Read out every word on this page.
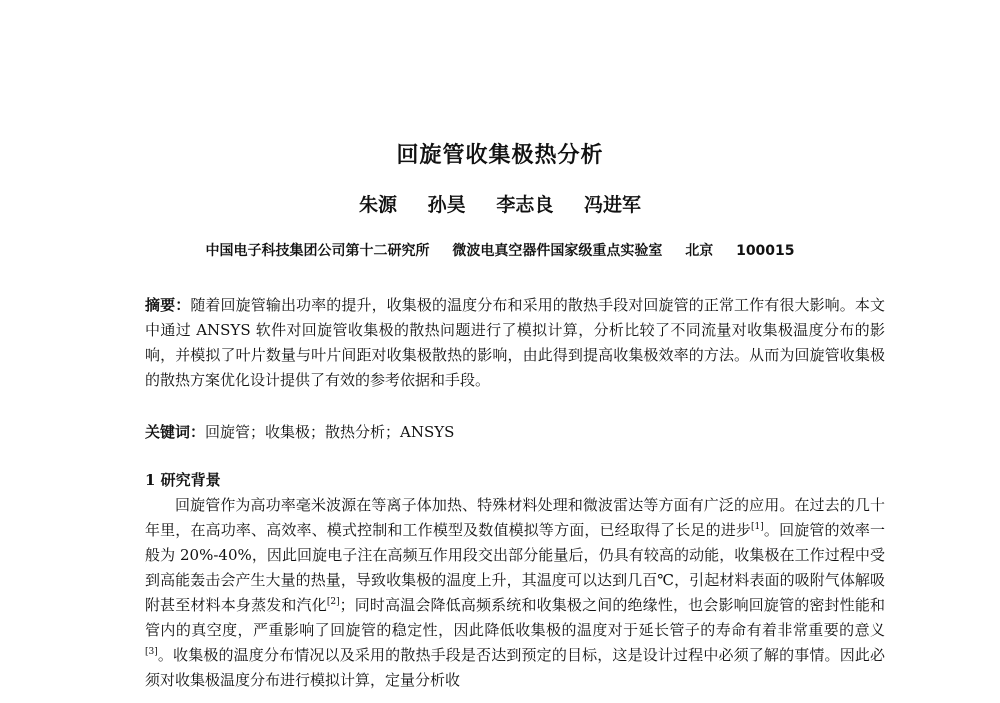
回旋管收集极热分析
朱源 孙昊 李志良 冯进军
中国电子科技集团公司第十二研究所 微波电真空器件国家级重点实验室 北京 100015
摘要：随着回旋管输出功率的提升，收集极的温度分布和采用的散热手段对回旋管的正常工作有很大影响。本文中通过 ANSYS 软件对回旋管收集极的散热问题进行了模拟计算，分析比较了不同流量对收集极温度分布的影响，并模拟了叶片数量与叶片间距对收集极散热的影响，由此得到提高收集极效率的方法。从而为回旋管收集极的散热方案优化设计提供了有效的参考依据和手段。
关键词：回旋管；收集极；散热分析；ANSYS
1 研究背景

回旋管作为高功率毫米波源在等离子体加热、特殊材料处理和微波雷达等方面有广泛的应用。在过去的几十年里，在高功率、高效率、模式控制和工作模型及数值模拟等方面，已经取得了长足的进步[1]。回旋管的效率一般为 20%-40%，因此回旋电子注在高频互作用段交出部分能量后，仍具有较高的动能，收集极在工作过程中受到高能轰击会产生大量的热量，导致收集极的温度上升，其温度可以达到几百℃，引起材料表面的吸附气体解吸附甚至材料本身蒸发和汽化[2]；同时高温会降低高频系统和收集极之间的绝缘性，也会影响回旋管的密封性能和管内的真空度，严重影响了回旋管的稳定性，因此降低收集极的温度对于延长管子的寿命有着非常重要的意义[3]。收集极的温度分布情况以及采用的散热手段是否达到预定的目标，这是设计过程中必须了解的事情。因此必须对收集极温度分布进行模拟计算，定量分析收
